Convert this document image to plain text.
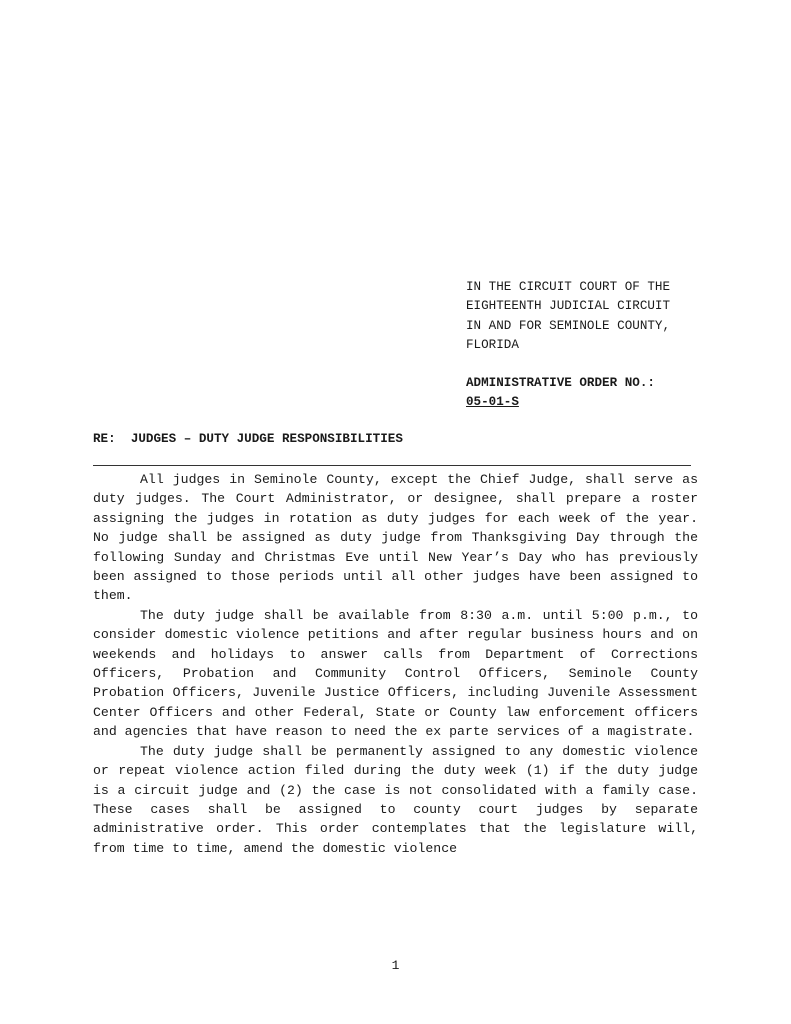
IN THE CIRCUIT COURT OF THE
EIGHTEENTH JUDICIAL CIRCUIT
IN AND FOR SEMINOLE COUNTY,
FLORIDA
ADMINISTRATIVE ORDER NO.:
05-01-S
RE: JUDGES – DUTY JUDGE RESPONSIBILITIES

All judges in Seminole County, except the Chief Judge, shall serve as duty judges. The Court Administrator, or designee, shall prepare a roster assigning the judges in rotation as duty judges for each week of the year. No judge shall be assigned as duty judge from Thanksgiving Day through the following Sunday and Christmas Eve until New Year’s Day who has previously been assigned to those periods until all other judges have been assigned to them.

The duty judge shall be available from 8:30 a.m. until 5:00 p.m., to consider domestic violence petitions and after regular business hours and on weekends and holidays to answer calls from Department of Corrections Officers, Probation and Community Control Officers, Seminole County Probation Officers, Juvenile Justice Officers, including Juvenile Assessment Center Officers and other Federal, State or County law enforcement officers and agencies that have reason to need the ex parte services of a magistrate.

The duty judge shall be permanently assigned to any domestic violence or repeat violence action filed during the duty week (1) if the duty judge is a circuit judge and (2) the case is not consolidated with a family case. These cases shall be assigned to county court judges by separate administrative order. This order contemplates that the legislature will, from time to time, amend the domestic violence

1
